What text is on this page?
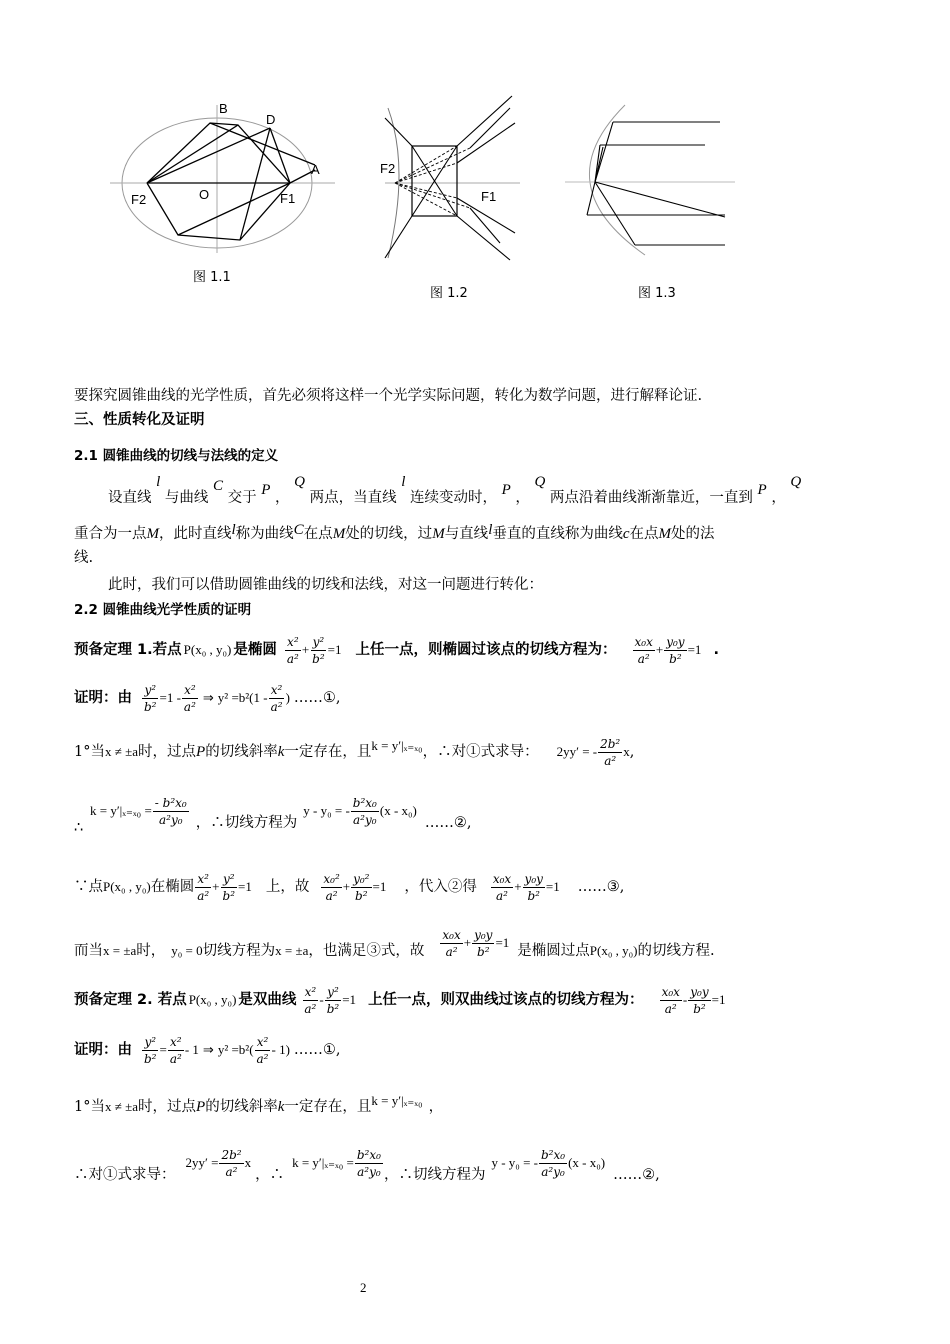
B
D
A
F2	O	F1
图 1.1
F2
F1
图 1.2	图 1.3
要探究圆锥曲线的光学性质，首先必须将这样一个光学实际问题，转化为数学问题，进行解释论证.
三、性质转化及证明
2.1 圆锥曲线的切线与法线的定义
设直线 l 与曲线 C 交于 P ， Q 两点，当直线 l 连续变动时， P ， Q 两点沿着曲线渐渐靠近，一直到 P ， Q
重合为一点M，此时直线l称为曲线C在点M处的切线，过M与直线l垂直的直线称为曲线c在点M处的法
线.
此时，我们可以借助圆锥曲线的切线和法线，对这一问题进行转化：
2.2 圆锥曲线光学性质的证明
预备定理 1.若点 P(x₀ , y₀) 是椭圆 $\frac{\text{x²}}{\text{a²}} + \frac{\text{y²}}{\text{b²}} =1$ 上任一点，则椭圆过该点的切线方程为： $\frac{\text{x₀x}}{\text{a²}} + \frac{\text{y₀y}}{\text{b²}} =1$ .
证明：由 $\frac{\text{y²}}{\text{b²}} =1 - \frac{\text{x²}}{\text{a²}}$ ⇒ $y^2 =b^2(1 - \frac{\text{x²}}{\text{a²}}$ ) ……①,
1°当 x ≠ ±a 时，过点 P 的切线斜率 k 一定存在，且 k = y′|ₓ₌ₓ₀ ，∴对①式求导： 2yy′ = - $\frac{\text{2b²}}{\text{a²}}$ x ,
∴
$k = y'|_{x=x0} = \frac{\text{- b²x₀}}{\text{a²y₀}}$ ，∴切线方程为
y - y₀ = - $\frac{\text{b²x₀}}{\text{a²y₀}} (x - x_0)$
……②,
∵点 P(x₀ , y₀) 在椭圆 $\frac{\text{x²}}{\text{a²}} + \frac{\text{y²}}{\text{b²}} =1$ 上，故 $\frac{\text{x₀²}}{\text{a²}} + \frac{\text{y₀²}}{\text{b²}} =1$ ，代入②得 $\frac{\text{x₀x}}{\text{a²}} + \frac{\text{y₀y}}{\text{b²}} =1$ ……③,
而当 x = ±a 时， y₀ = 0 切线方程为 x = ±a ，也满足③式，故 $\frac{\text{x₀x}}{\text{a²}} + \frac{\text{y₀y}}{\text{b²}} =1$
是椭圆过点 P(x₀ , y₀) 的切线方程.
预备定理 2. 若点 P(x₀ , y₀) 是双曲线 $\frac{\text{x²}}{\text{a²}} - \frac{\text{y²}}{\text{b²}} =1$ 上任一点，则双曲线过该点的切线方程为： $\frac{\text{x₀x}}{\text{a²}} - \frac{\text{y₀y}}{\text{b²}} =1$
证明：由 $\frac{\text{y²}}{\text{b²}} = \frac{\text{x²}}{\text{a²}} - 1$ ⇒ $y^2 =b^2( \frac{\text{x²}}{\text{a²}} - 1)$ ……①,
1°当 x ≠ ±a 时，过点 P 的切线斜率 k 一定存在，且 k = y′|ₓ₌ₓ₀ ，
∴对①式求导：
$2yy' = \frac{\text{2b²}}{\text{a²}}$ x
，∴
$k = y'|_{x=x0} = \frac{\text{b²x₀}}{\text{a²y₀}}$ ，∴切线方程为
y - y₀ = - $\frac{\text{b²x₀}}{\text{a²y₀}} (x - x_0)$
……②,
2
